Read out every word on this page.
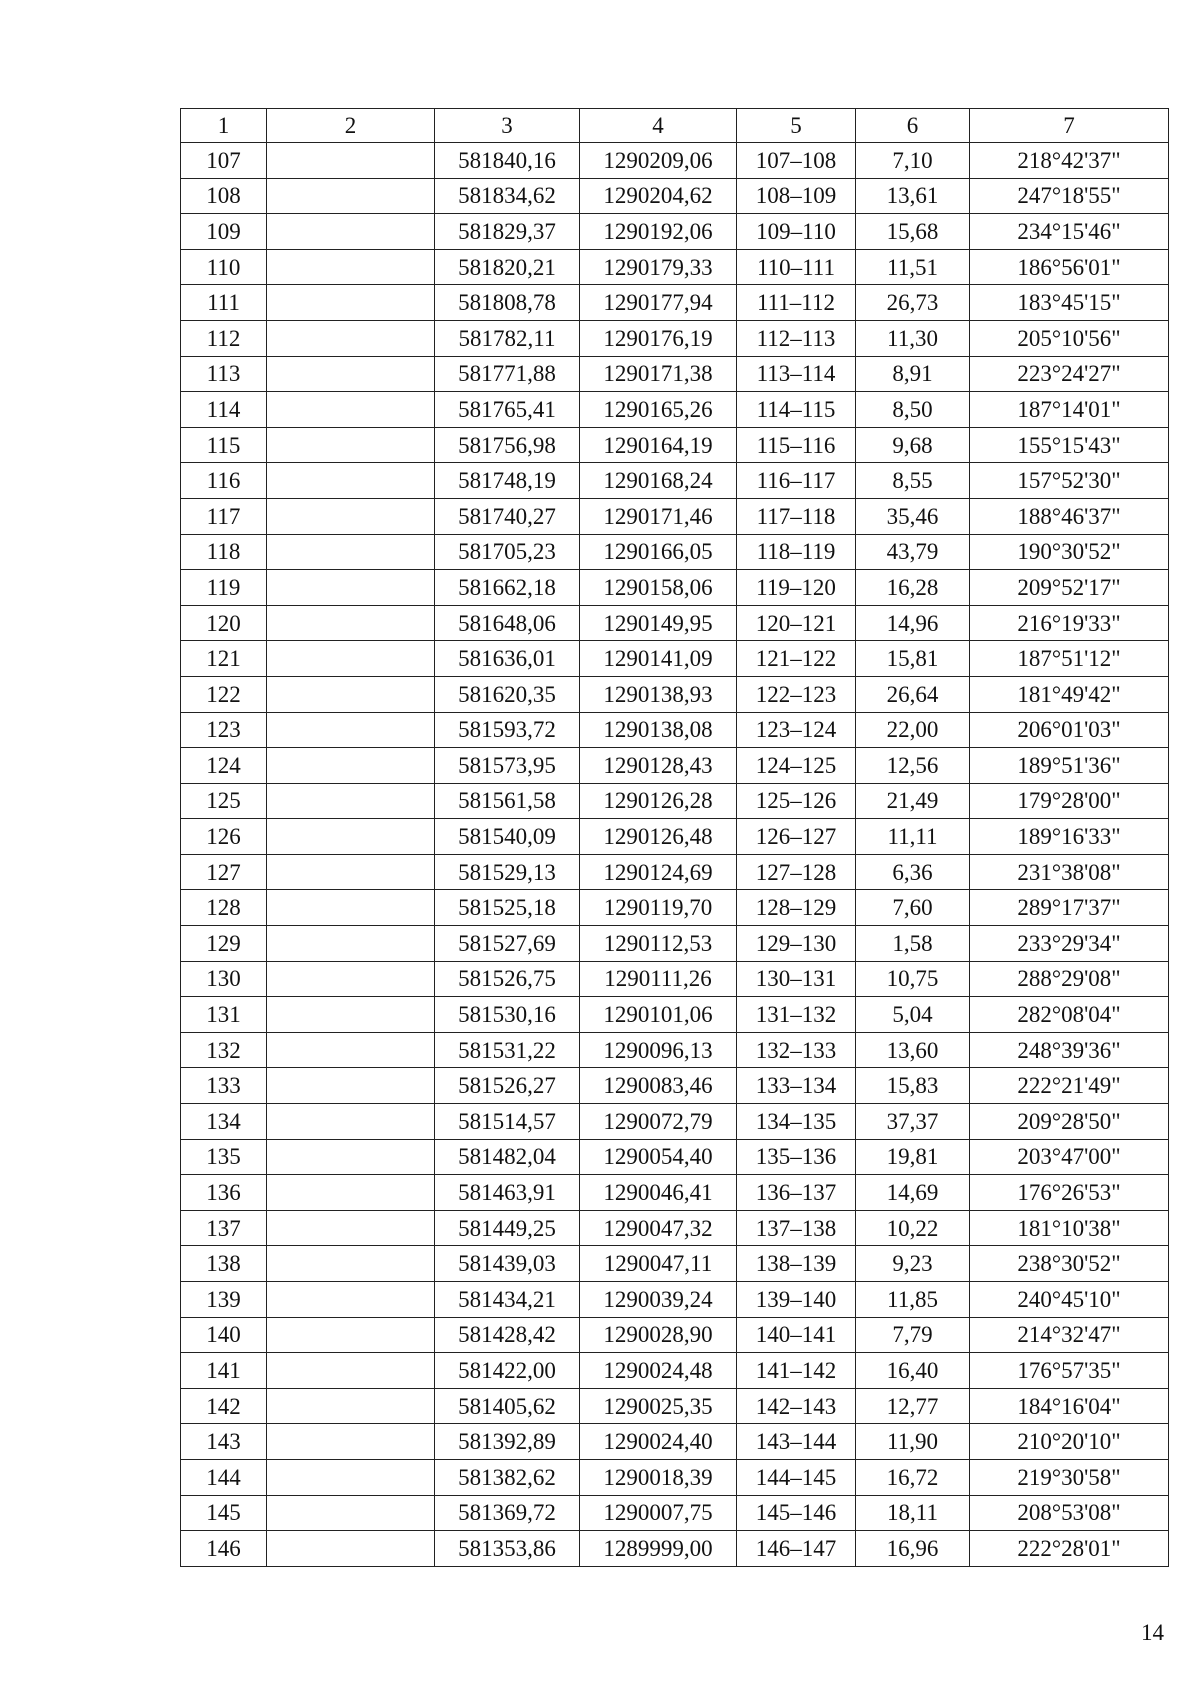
1	2	3	4	5	6	7
107		581840,16	1290209,06	107–108	7,10	218°42'37"
108		581834,62	1290204,62	108–109	13,61	247°18'55"
109		581829,37	1290192,06	109–110	15,68	234°15'46"
110		581820,21	1290179,33	110–111	11,51	186°56'01"
111		581808,78	1290177,94	111–112	26,73	183°45'15"
112		581782,11	1290176,19	112–113	11,30	205°10'56"
113		581771,88	1290171,38	113–114	8,91	223°24'27"
114		581765,41	1290165,26	114–115	8,50	187°14'01"
115		581756,98	1290164,19	115–116	9,68	155°15'43"
116		581748,19	1290168,24	116–117	8,55	157°52'30"
117		581740,27	1290171,46	117–118	35,46	188°46'37"
118		581705,23	1290166,05	118–119	43,79	190°30'52"
119		581662,18	1290158,06	119–120	16,28	209°52'17"
120		581648,06	1290149,95	120–121	14,96	216°19'33"
121		581636,01	1290141,09	121–122	15,81	187°51'12"
122		581620,35	1290138,93	122–123	26,64	181°49'42"
123		581593,72	1290138,08	123–124	22,00	206°01'03"
124		581573,95	1290128,43	124–125	12,56	189°51'36"
125		581561,58	1290126,28	125–126	21,49	179°28'00"
126		581540,09	1290126,48	126–127	11,11	189°16'33"
127		581529,13	1290124,69	127–128	6,36	231°38'08"
128		581525,18	1290119,70	128–129	7,60	289°17'37"
129		581527,69	1290112,53	129–130	1,58	233°29'34"
130		581526,75	1290111,26	130–131	10,75	288°29'08"
131		581530,16	1290101,06	131–132	5,04	282°08'04"
132		581531,22	1290096,13	132–133	13,60	248°39'36"
133		581526,27	1290083,46	133–134	15,83	222°21'49"
134		581514,57	1290072,79	134–135	37,37	209°28'50"
135		581482,04	1290054,40	135–136	19,81	203°47'00"
136		581463,91	1290046,41	136–137	14,69	176°26'53"
137		581449,25	1290047,32	137–138	10,22	181°10'38"
138		581439,03	1290047,11	138–139	9,23	238°30'52"
139		581434,21	1290039,24	139–140	11,85	240°45'10"
140		581428,42	1290028,90	140–141	7,79	214°32'47"
141		581422,00	1290024,48	141–142	16,40	176°57'35"
142		581405,62	1290025,35	142–143	12,77	184°16'04"
143		581392,89	1290024,40	143–144	11,90	210°20'10"
144		581382,62	1290018,39	144–145	16,72	219°30'58"
145		581369,72	1290007,75	145–146	18,11	208°53'08"
146		581353,86	1289999,00	146–147	16,96	222°28'01"
14
